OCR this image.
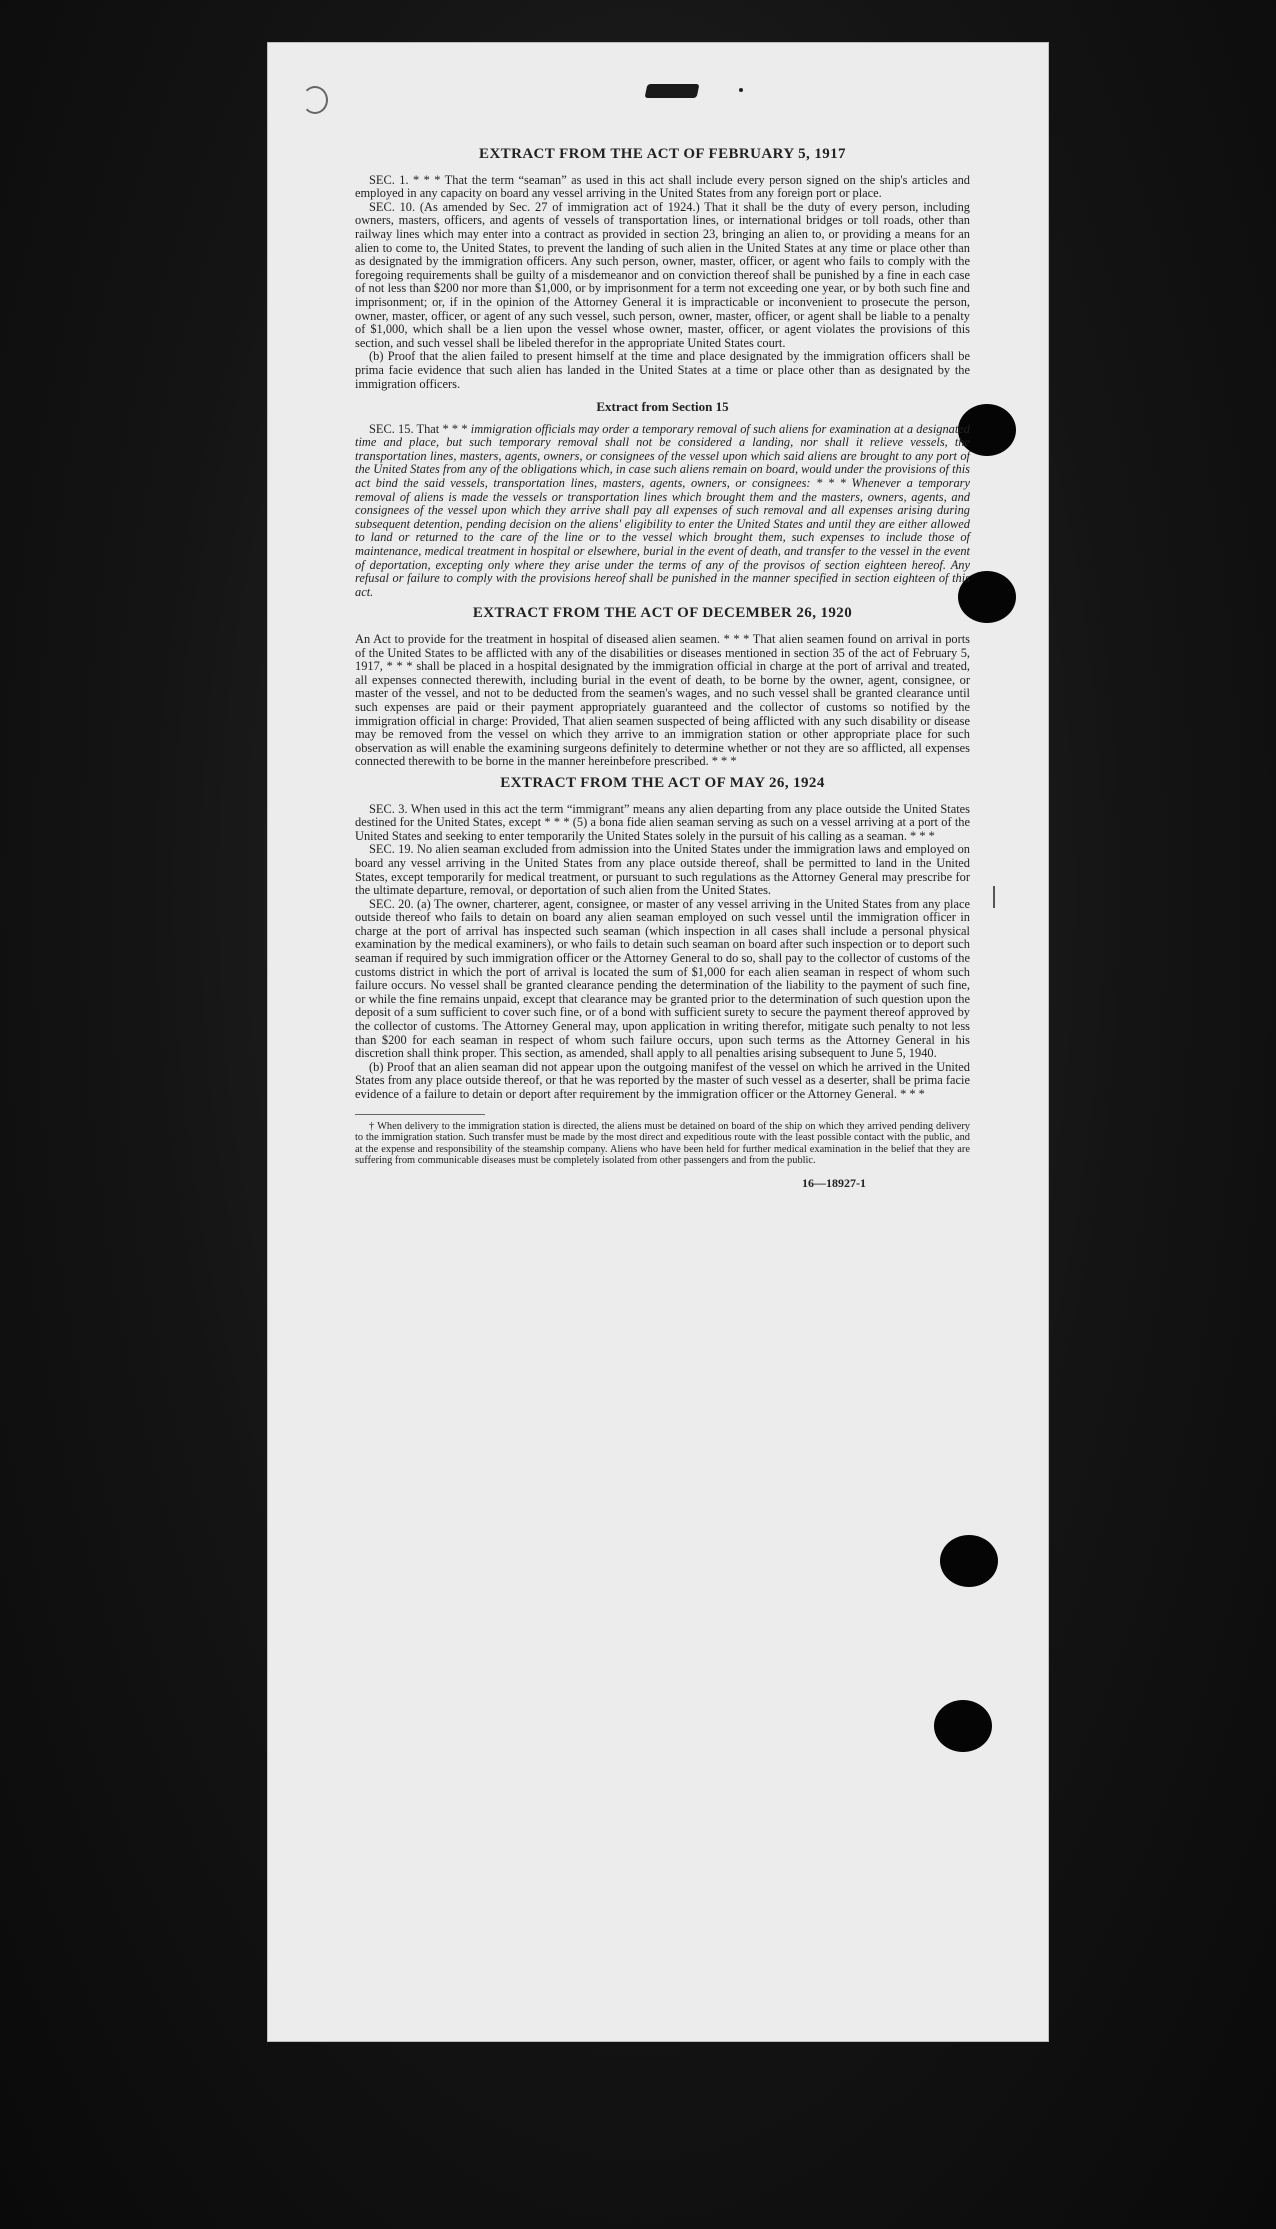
EXTRACT FROM THE ACT OF FEBRUARY 5, 1917

SEC. 1. * * * That the term “seaman” as used in this act shall include every person signed on the ship's articles and employed in any capacity on board any vessel arriving in the United States from any foreign port or place.

SEC. 10. (As amended by Sec. 27 of immigration act of 1924.) That it shall be the duty of every person, including owners, masters, officers, and agents of vessels of transportation lines, or international bridges or toll roads, other than railway lines which may enter into a contract as provided in section 23, bringing an alien to, or providing a means for an alien to come to, the United States, to prevent the landing of such alien in the United States at any time or place other than as designated by the immigration officers. Any such person, owner, master, officer, or agent who fails to comply with the foregoing requirements shall be guilty of a misdemeanor and on conviction thereof shall be punished by a fine in each case of not less than $200 nor more than $1,000, or by imprisonment for a term not exceeding one year, or by both such fine and imprisonment; or, if in the opinion of the Attorney General it is impracticable or inconvenient to prosecute the person, owner, master, officer, or agent of any such vessel, such person, owner, master, officer, or agent shall be liable to a penalty of $1,000, which shall be a lien upon the vessel whose owner, master, officer, or agent violates the provisions of this section, and such vessel shall be libeled therefor in the appropriate United States court.

(b) Proof that the alien failed to present himself at the time and place designated by the immigration officers shall be prima facie evidence that such alien has landed in the United States at a time or place other than as designated by the immigration officers.

Extract from Section 15

SEC. 15. That * * * immigration officials may order a temporary removal of such aliens for examination at a designated time and place, but such temporary removal shall not be considered a landing, nor shall it relieve vessels, the transportation lines, masters, agents, owners, or consignees of the vessel upon which said aliens are brought to any port of the United States from any of the obligations which, in case such aliens remain on board, would under the provisions of this act bind the said vessels, transportation lines, masters, agents, owners, or consignees: * * * Whenever a temporary removal of aliens is made the vessels or transportation lines which brought them and the masters, owners, agents, and consignees of the vessel upon which they arrive shall pay all expenses of such removal and all expenses arising during subsequent detention, pending decision on the aliens' eligibility to enter the United States and until they are either allowed to land or returned to the care of the line or to the vessel which brought them, such expenses to include those of maintenance, medical treatment in hospital or elsewhere, burial in the event of death, and transfer to the vessel in the event of deportation, excepting only where they arise under the terms of any of the provisos of section eighteen hereof. Any refusal or failure to comply with the provisions hereof shall be punished in the manner specified in section eighteen of this act.

EXTRACT FROM THE ACT OF DECEMBER 26, 1920

An Act to provide for the treatment in hospital of diseased alien seamen. * * * That alien seamen found on arrival in ports of the United States to be afflicted with any of the disabilities or diseases mentioned in section 35 of the act of February 5, 1917, * * * shall be placed in a hospital designated by the immigration official in charge at the port of arrival and treated, all expenses connected therewith, including burial in the event of death, to be borne by the owner, agent, consignee, or master of the vessel, and not to be deducted from the seamen's wages, and no such vessel shall be granted clearance until such expenses are paid or their payment appropriately guaranteed and the collector of customs so notified by the immigration official in charge: Provided, That alien seamen suspected of being afflicted with any such disability or disease may be removed from the vessel on which they arrive to an immigration station or other appropriate place for such observation as will enable the examining surgeons definitely to determine whether or not they are so afflicted, all expenses connected therewith to be borne in the manner hereinbefore prescribed. * * *

EXTRACT FROM THE ACT OF MAY 26, 1924

SEC. 3. When used in this act the term “immigrant” means any alien departing from any place outside the United States destined for the United States, except * * * (5) a bona fide alien seaman serving as such on a vessel arriving at a port of the United States and seeking to enter temporarily the United States solely in the pursuit of his calling as a seaman. * * *

SEC. 19. No alien seaman excluded from admission into the United States under the immigration laws and employed on board any vessel arriving in the United States from any place outside thereof, shall be permitted to land in the United States, except temporarily for medical treatment, or pursuant to such regulations as the Attorney General may prescribe for the ultimate departure, removal, or deportation of such alien from the United States.

SEC. 20. (a) The owner, charterer, agent, consignee, or master of any vessel arriving in the United States from any place outside thereof who fails to detain on board any alien seaman employed on such vessel until the immigration officer in charge at the port of arrival has inspected such seaman (which inspection in all cases shall include a personal physical examination by the medical examiners), or who fails to detain such seaman on board after such inspection or to deport such seaman if required by such immigration officer or the Attorney General to do so, shall pay to the collector of customs of the customs district in which the port of arrival is located the sum of $1,000 for each alien seaman in respect of whom such failure occurs. No vessel shall be granted clearance pending the determination of the liability to the payment of such fine, or while the fine remains unpaid, except that clearance may be granted prior to the determination of such question upon the deposit of a sum sufficient to cover such fine, or of a bond with sufficient surety to secure the payment thereof approved by the collector of customs. The Attorney General may, upon application in writing therefor, mitigate such penalty to not less than $200 for each seaman in respect of whom such failure occurs, upon such terms as the Attorney General in his discretion shall think proper. This section, as amended, shall apply to all penalties arising subsequent to June 5, 1940.

(b) Proof that an alien seaman did not appear upon the outgoing manifest of the vessel on which he arrived in the United States from any place outside thereof, or that he was reported by the master of such vessel as a deserter, shall be prima facie evidence of a failure to detain or deport after requirement by the immigration officer or the Attorney General. * * *

† When delivery to the immigration station is directed, the aliens must be detained on board of the ship on which they arrived pending delivery to the immigration station. Such transfer must be made by the most direct and expeditious route with the least possible contact with the public, and at the expense and responsibility of the steamship company. Aliens who have been held for further medical examination in the belief that they are suffering from communicable diseases must be completely isolated from other passengers and from the public.

16—18927-1
